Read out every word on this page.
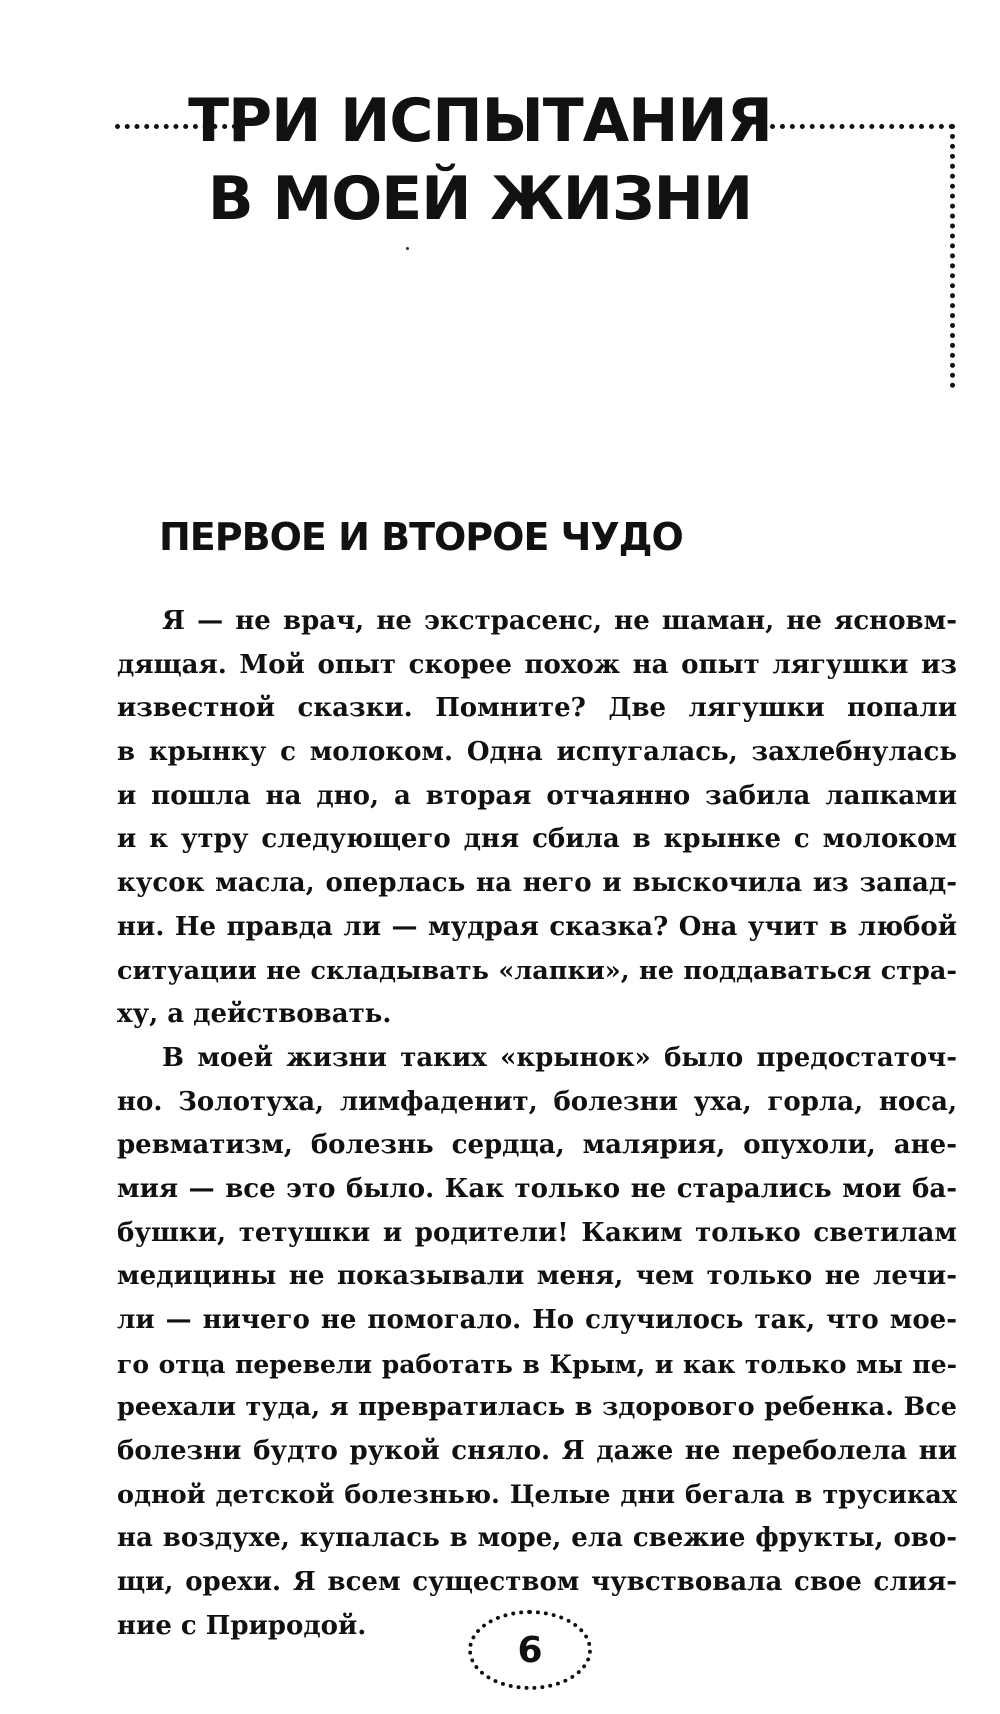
ТРИ ИСПЫТАНИЯ
В МОЕЙ ЖИЗНИ
ПЕРВОЕ И ВТОРОЕ ЧУДО
Я — не врач, не экстрасенс, не шаман, не ясновм-
дящая. Мой опыт скорее похож на опыт лягушки из
известной сказки. Помните? Две лягушки попали
в крынку с молоком. Одна испугалась, захлебнулась
и пошла на дно, а вторая отчаянно забила лапками
и к утру следующего дня сбила в крынке с молоком
кусок масла, оперлась на него и выскочила из запад-
ни. Не правда ли — мудрая сказка? Она учит в любой
ситуации не складывать «лапки», не поддаваться стра-
ху, а действовать.
В моей жизни таких «крынок» было предостаточ-
но. Золотуха, лимфаденит, болезни уха, горла, носа,
ревматизм, болезнь сердца, малярия, опухоли, ане-
мия — все это было. Как только не старались мои ба-
бушки, тетушки и родители! Каким только светилам
медицины не показывали меня, чем только не лечи-
ли — ничего не помогало. Но случилось так, что мое-
го отца перевели работать в Крым, и как только мы пе-
реехали туда, я превратилась в здорового ребенка. Все
болезни будто рукой сняло. Я даже не переболела ни
одной детской болезнью. Целые дни бегала в трусиках
на воздухе, купалась в море, ела свежие фрукты, ово-
щи, орехи. Я всем существом чувствовала свое слия-
ние с Природой.
6
